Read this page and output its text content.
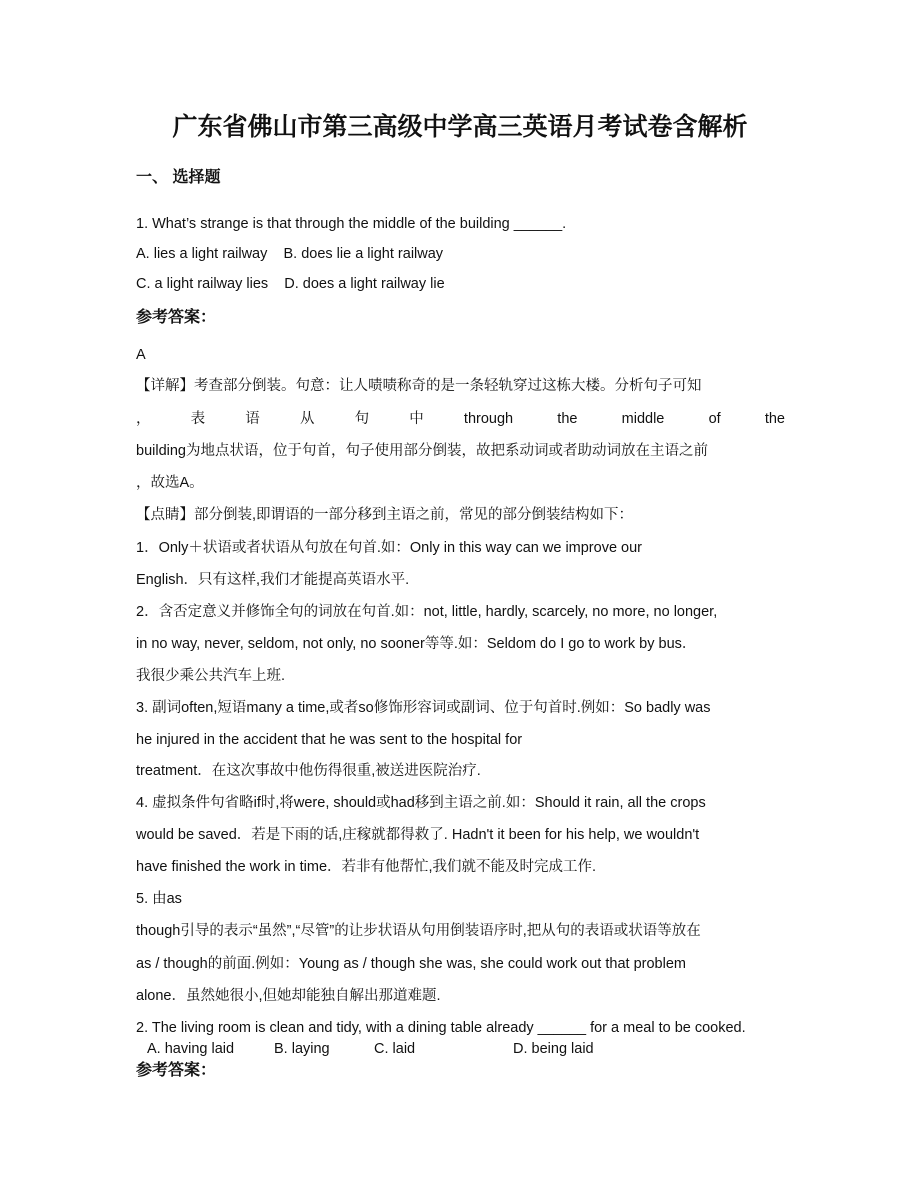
广东省佛山市第三高级中学高三英语月考试卷含解析
一、 选择题
1. What’s strange is that through the middle of the building ______.
A. lies a light railway    B. does lie a light railway
C. a light railway lies    D. does a light railway lie
参考答案：
A
【详解】考查部分倒装。句意：让人啧啧称奇的是一条轻轨穿过这栋大楼。分析句子可知
，表语从句中through	the	middle	of	the
building为地点状语，位于句首，句子使用部分倒装，故把系动词或者助动词放在主语之前
，故选A。
【点睛】部分倒装,即谓语的一部分移到主语之前，常见的部分倒装结构如下：
1．Only＋状语或者状语从句放在句首.如：Only in this way can we improve our
English．只有这样,我们才能提高英语水平.
2．含否定意义并修饰全句的词放在句首.如：not, little, hardly, scarcely, no more, no longer,
in no way, never, seldom, not only, no sooner等等.如：Seldom do I go to work by bus．
我很少乘公共汽车上班.
3. 副词often,短语many a time,或者so修饰形容词或副词、位于句首时.例如：So badly was
he injured in the accident that he was sent to the hospital for
treatment．在这次事故中他伤得很重,被送进医院治疗.
4. 虚拟条件句省略if时,将were, should或had移到主语之前.如：Should it rain, all the crops
would be saved．若是下雨的话,庄稼就都得救了. Hadn't it been for his help, we wouldn't
have finished the work in time．若非有他帮忙,我们就不能及时完成工作.
5. 由as
though引导的表示“虽然”,“尽管”的让步状语从句用倒装语序时,把从句的表语或状语等放在
as / though的前面.例如：Young as / though she was, she could work out that problem
alone．虽然她很小,但她却能独自解出那道难题.
2. The living room is clean and tidy, with a dining table already ______ for a meal to be cooked.
A. having laid	B. laying	C. laid	D. being laid
参考答案：
